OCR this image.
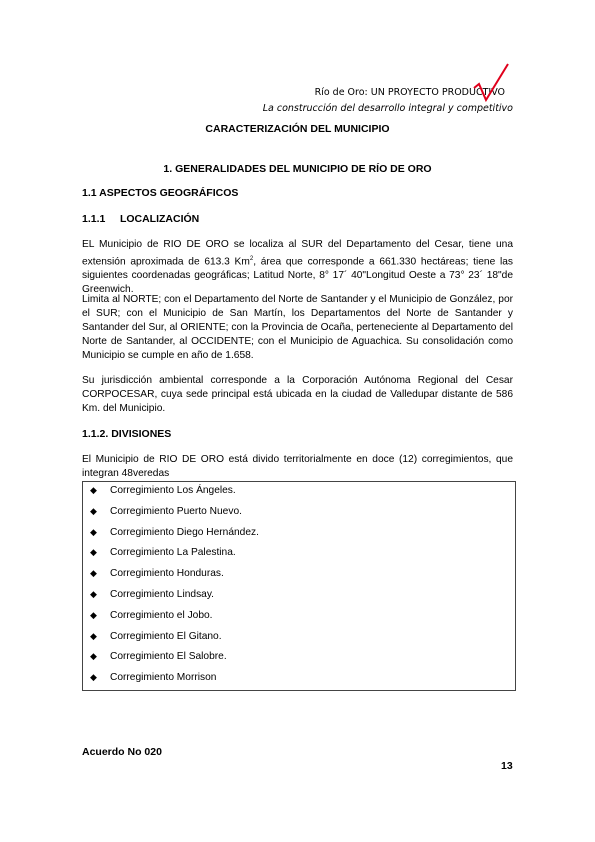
Río de Oro: UN PROYECTO PRODUCTIVO
La construcción del desarrollo integral y competitivo
CARACTERIZACIÓN DEL MUNICIPIO
1. GENERALIDADES DEL MUNICIPIO DE RÍO DE ORO
1.1 ASPECTOS GEOGRÁFICOS
1.1.1     LOCALIZACIÓN
EL Municipio de RIO DE ORO se localiza al SUR del Departamento del Cesar, tiene una extensión aproximada de 613.3 Km$^2$, área que corresponde a 661.330 hectáreas; tiene las siguientes coordenadas geográficas; Latitud Norte, 8° 17´ 40"Longitud Oeste a 73° 23´ 18"de Greenwich.
Limita al NORTE; con el Departamento del Norte de Santander y el Municipio de González, por el SUR; con el Municipio de San Martín, los Departamentos del Norte de Santander y Santander del Sur, al ORIENTE; con la Provincia de Ocaña, perteneciente al Departamento del Norte de Santander, al OCCIDENTE; con el Municipio de Aguachica. Su consolidación como Municipio se cumple en año de 1.658.
Su jurisdicción ambiental corresponde a la Corporación Autónoma Regional del Cesar CORPOCESAR, cuya sede principal está ubicada en la ciudad de Valledupar distante de 586 Km. del Municipio.
1.1.2. DIVISIONES
El Municipio de RIO DE ORO está divido territorialmente en doce (12) corregimientos, que integran 48veredas
◆ Corregimiento Los Ángeles.
◆ Corregimiento Puerto Nuevo.
◆ Corregimiento Diego Hernández.
◆ Corregimiento La Palestina.
◆ Corregimiento Honduras.
◆ Corregimiento Lindsay.
◆ Corregimiento el Jobo.
◆ Corregimiento El Gitano.
◆ Corregimiento El Salobre.
◆ Corregimiento Morrison
Acuerdo No 020
13
